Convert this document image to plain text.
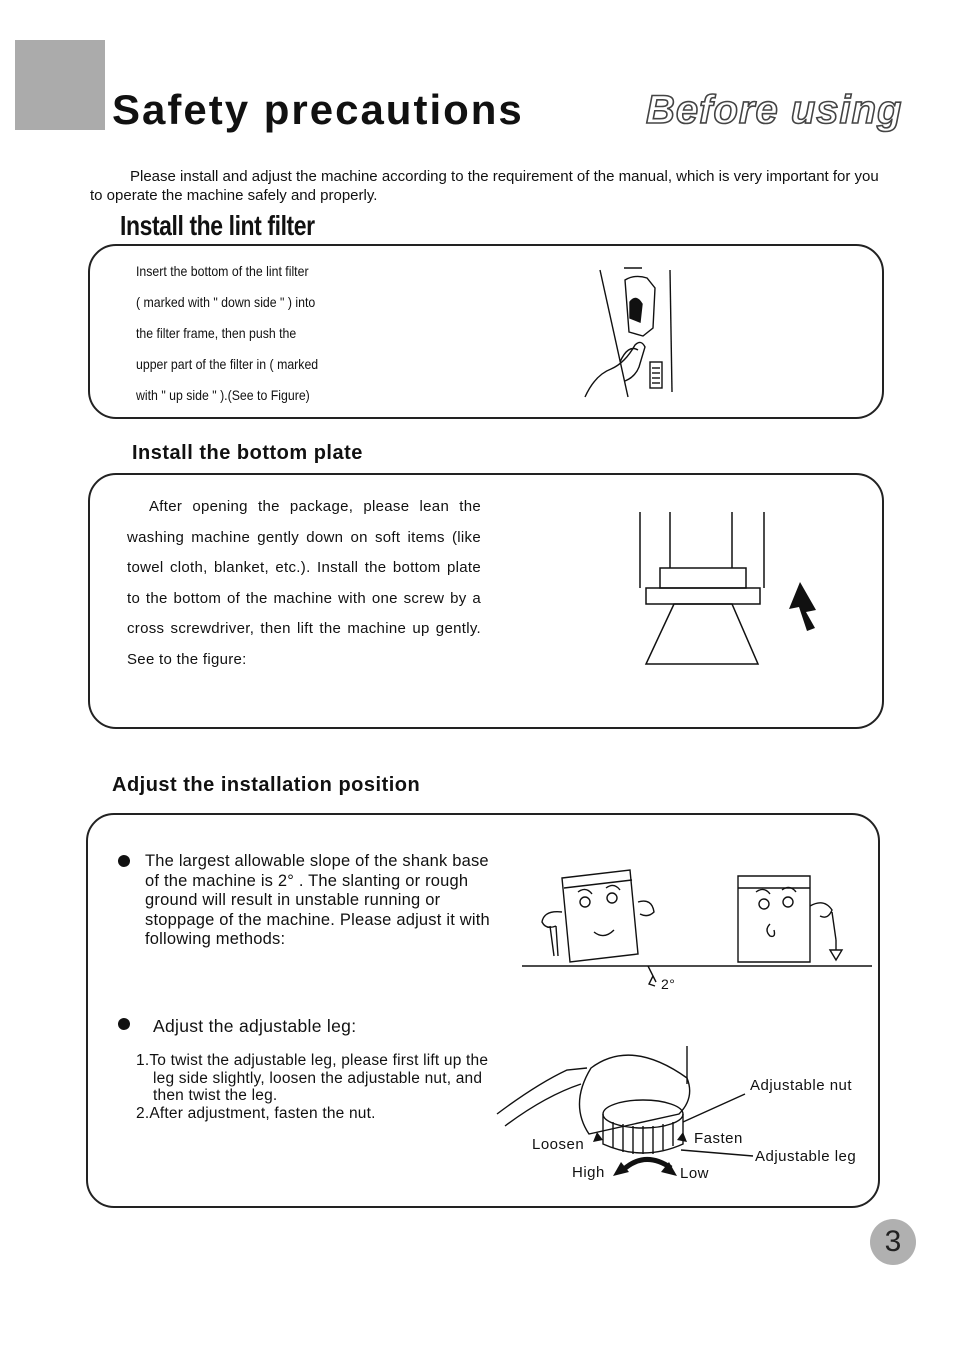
Safety precautions	Before using

Please install and adjust the machine according to the requirement of the manual, which is very important for you to operate the machine safely and properly.

Install the lint filter
Insert the bottom of the lint filter
( marked with " down side " ) into
the filter frame, then push the
upper part of the filter in ( marked
with " up side " ).(See to Figure)
Install the bottom plate

After opening the package, please lean the washing machine gently down on soft items (like towel cloth, blanket, etc.). Install the bottom plate to the bottom of the machine with one screw by a cross screwdriver, then lift the machine up gently. See to the figure:

Adjust the installation position
The largest allowable slope of the shank base
of the machine is 2° . The slanting or rough
ground will result in unstable running or
stoppage of the machine. Please adjust it with
following methods:
2°
Adjust the adjustable leg:
1.To twist the adjustable leg, please first lift up the
leg side slightly, loosen the adjustable nut, and
then twist the leg.
2.After adjustment, fasten the nut.
Adjustable nut
Adjustable leg
Loosen	Fasten
High	Low
3
